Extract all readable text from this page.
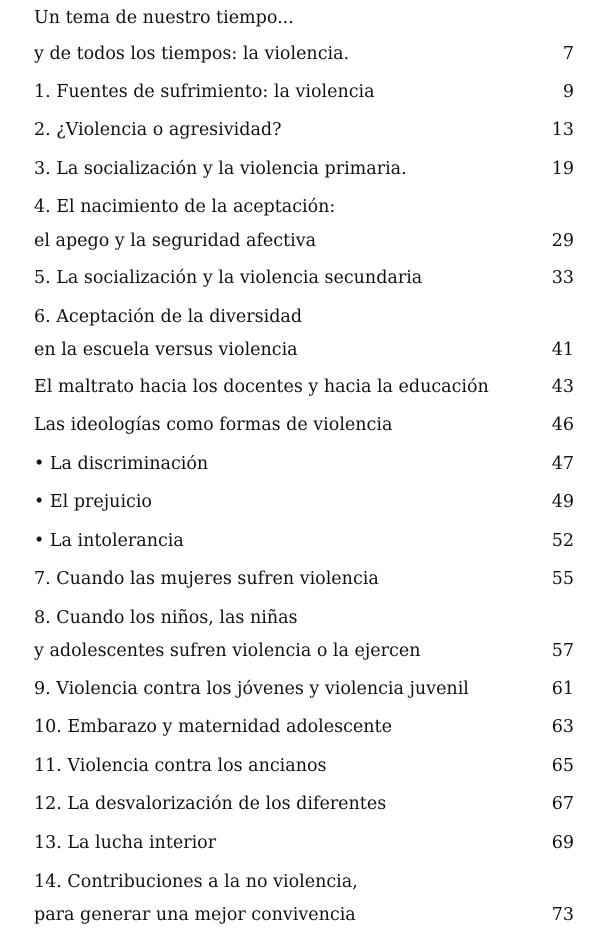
Un tema de nuestro tiempo...
y de todos los tiempos: la violencia.	7
1. Fuentes de sufrimiento: la violencia	9
2. ¿Violencia o agresividad?	13
3. La socialización y la violencia primaria.	19
4. El nacimiento de la aceptación:
el apego y la seguridad afectiva	29
5. La socialización y la violencia secundaria	33
6. Aceptación de la diversidad
en la escuela versus violencia	41
El maltrato hacia los docentes y hacia la educación	43
Las ideologías como formas de violencia	46
• La discriminación	47
• El prejuicio	49
• La intolerancia	52
7. Cuando las mujeres sufren violencia	55
8. Cuando los niños, las niñas
y adolescentes sufren violencia o la ejercen	57
9. Violencia contra los jóvenes y violencia juvenil	61
10. Embarazo y maternidad adolescente	63
11. Violencia contra los ancianos	65
12. La desvalorización de los diferentes	67
13. La lucha interior	69
14. Contribuciones a la no violencia,
para generar una mejor convivencia	73
